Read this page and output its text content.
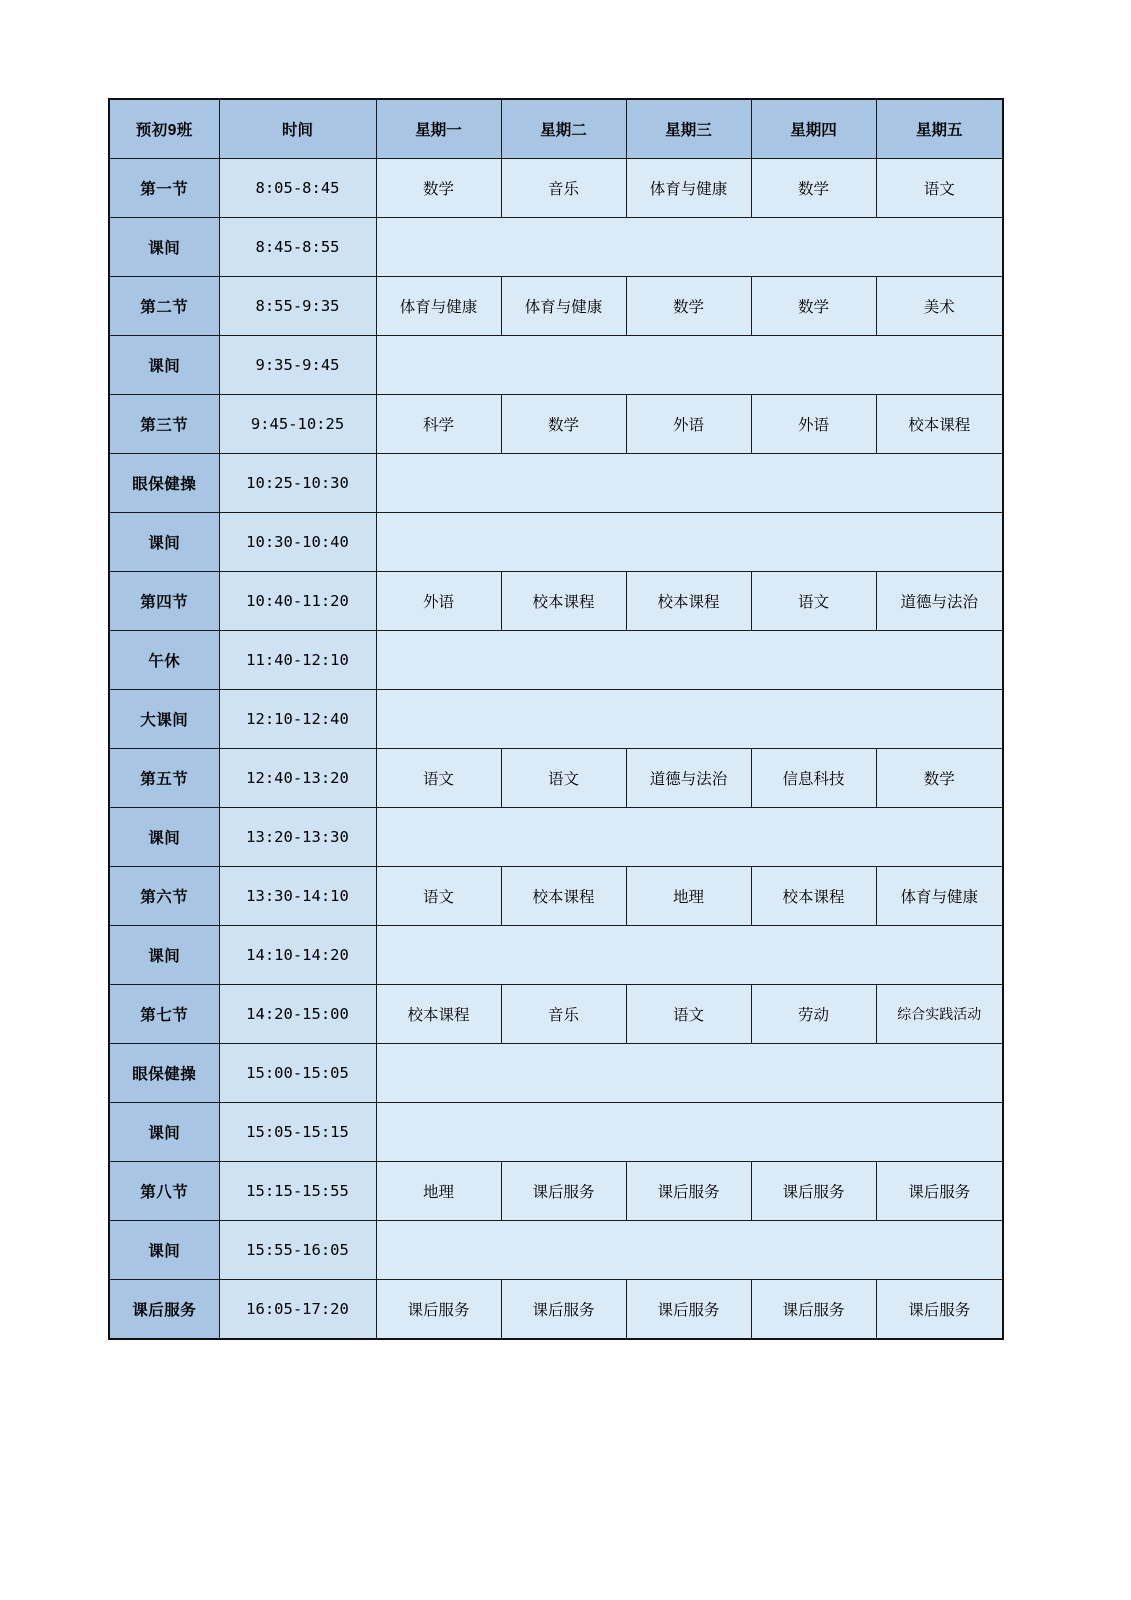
预初9班	时间	星期一	星期二	星期三	星期四	星期五
第一节	8:05-8:45	数学	音乐	体育与健康	数学	语文
课间	8:45-8:55					
第二节	8:55-9:35	体育与健康	体育与健康	数学	数学	美术
课间	9:35-9:45					
第三节	9:45-10:25	科学	数学	外语	外语	校本课程
眼保健操	10:25-10:30					
课间	10:30-10:40					
第四节	10:40-11:20	外语	校本课程	校本课程	语文	道德与法治
午休	11:40-12:10					
大课间	12:10-12:40					
第五节	12:40-13:20	语文	语文	道德与法治	信息科技	数学
课间	13:20-13:30					
第六节	13:30-14:10	语文	校本课程	地理	校本课程	体育与健康
课间	14:10-14:20					
第七节	14:20-15:00	校本课程	音乐	语文	劳动	综合实践活动
眼保健操	15:00-15:05					
课间	15:05-15:15					
第八节	15:15-15:55	地理	课后服务	课后服务	课后服务	课后服务
课间	15:55-16:05					
课后服务	16:05-17:20	课后服务	课后服务	课后服务	课后服务	课后服务
